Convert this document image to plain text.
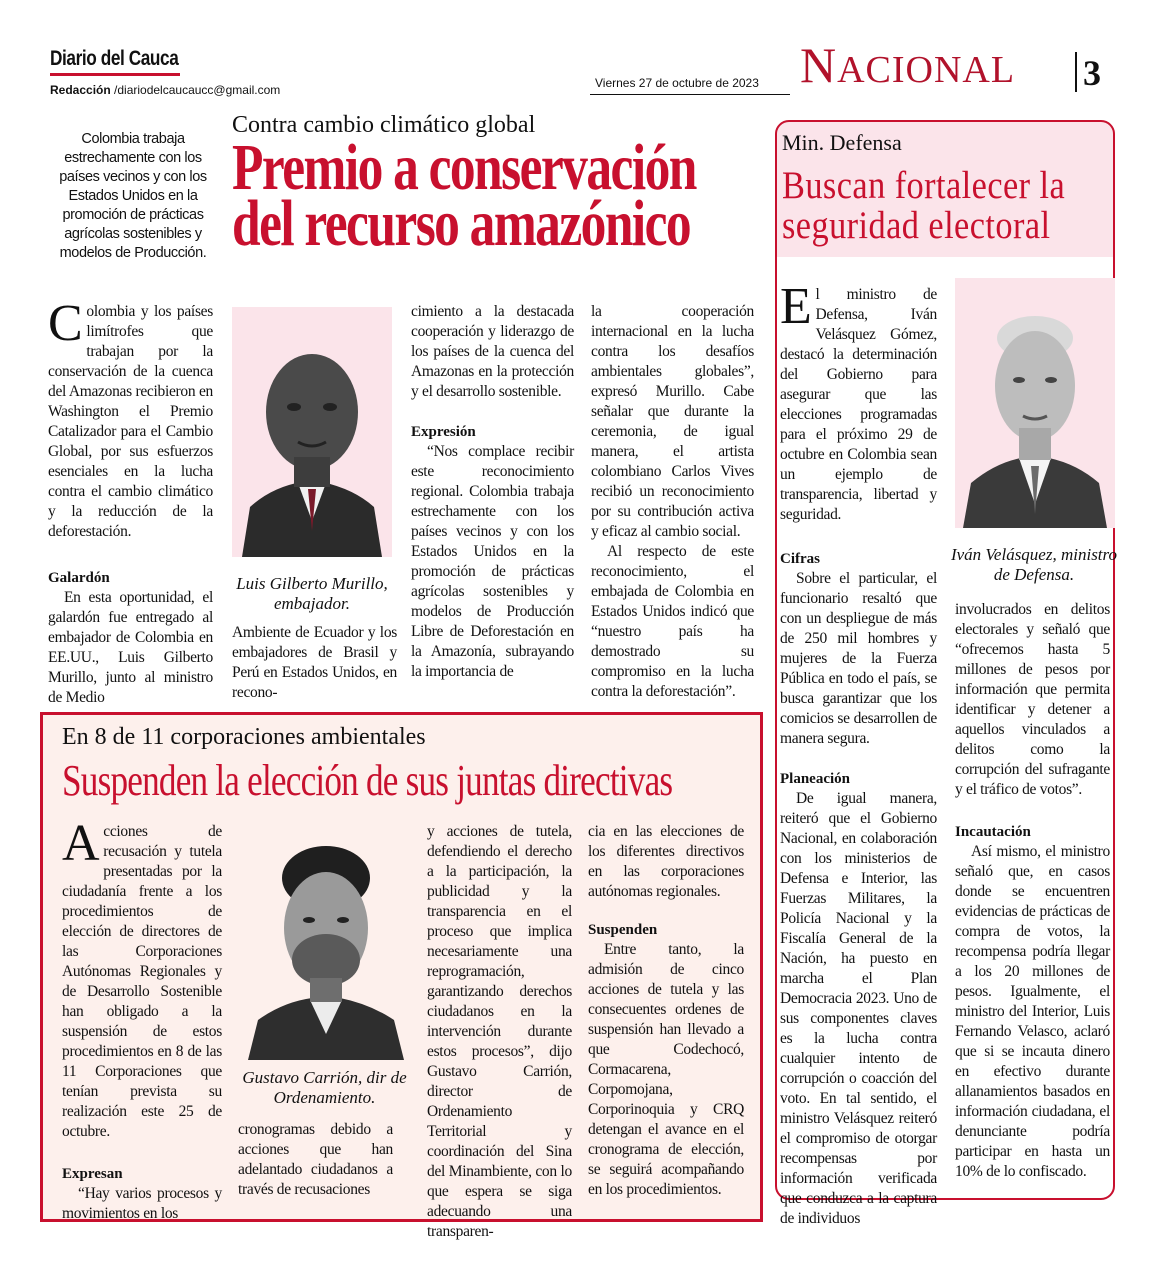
Diario del Cauca
Redacción /diariodelcaucaucc@gmail.com	Viernes 27 de octubre de 2023 NACIONAL 3
Contra cambio climático global
Premio a conservación del recurso amazónico
Colombia trabaja estrechamente con los países vecinos y con los Estados Unidos en la promoción de prácticas agrícolas sostenibles y modelos de Producción.
Colombia y los países limítrofes que trabajan por la conservación de la cuenca del Amazonas recibieron en Washington el Premio Catalizador para el Cambio Global, por sus esfuerzos esenciales en la lucha contra el cambio climático y la reducción de la deforestación.
Galardón
En esta oportunidad, el galardón fue entregado al embajador de Colombia en EE.UU., Luis Gilberto Murillo, junto al ministro de Medio
Luis Gilberto Murillo, embajador.
Ambiente de Ecuador y los embajadores de Brasil y Perú en Estados Unidos, en recono-
cimiento a la destacada cooperación y liderazgo de los países de la cuenca del Amazonas en la protección y el desarrollo sostenible.
Expresión
“Nos complace recibir este reconocimiento regional. Colombia trabaja estrechamente con los países vecinos y con los Estados Unidos en la promoción de prácticas agrícolas sostenibles y modelos de Producción Libre de Deforestación en la Amazonía, subrayando la importancia de
la cooperación internacional en la lucha contra los desafíos ambientales globales”, expresó Murillo. Cabe señalar que durante la ceremonia, de igual manera, el artista colombiano Carlos Vives recibió un reconocimiento por su contribución activa y eficaz al cambio social.
Al respecto de este reconocimiento, el embajada de Colombia en Estados Unidos indicó que “nuestro país ha demostrado su compromiso en la lucha contra la deforestación”.
Min. Defensa
Buscan fortalecer la seguridad electoral
El ministro de Defensa, Iván Velásquez Gómez, destacó la determinación del Gobierno para asegurar que las elecciones programadas para el próximo 29 de octubre en Colombia sean un ejemplo de transparencia, libertad y seguridad.
Cifras
Sobre el particular, el funcionario resaltó que con un despliegue de más de 250 mil hombres y mujeres de la Fuerza Pública en todo el país, se busca garantizar que los comicios se desarrollen de manera segura.
Planeación
De igual manera, reiteró que el Gobierno Nacional, en colaboración con los ministerios de Defensa e Interior, las Fuerzas Militares, la Policía Nacional y la Fiscalía General de la Nación, ha puesto en marcha el Plan Democracia 2023. Uno de sus componentes claves es la lucha contra cualquier intento de corrupción o coacción del voto. En tal sentido, el ministro Velásquez reiteró el compromiso de otorgar recompensas por información verificada que conduzca a la captura de individuos
Iván Velásquez, ministro de Defensa.
involucrados en delitos electorales y señaló que “ofrecemos hasta 5 millones de pesos por información que permita identificar y detener a aquellos vinculados a delitos como la corrupción del sufragante y el tráfico de votos”.
Incautación
Así mismo, el ministro señaló que, en casos donde se encuentren evidencias de prácticas de compra de votos, la recompensa podría llegar a los 20 millones de pesos. Igualmente, el ministro del Interior, Luis Fernando Velasco, aclaró que si se incauta dinero en efectivo durante allanamientos basados en información ciudadana, el denunciante podría participar en hasta un 10% de lo confiscado.
En 8 de 11 corporaciones ambientales
Suspenden la elección de sus juntas directivas
Acciones de recusación y tutela presentadas por la ciudadanía frente a los procedimientos de elección de directores de las Corporaciones Autónomas Regionales y de Desarrollo Sostenible han obligado a la suspensión de estos procedimientos en 8 de las 11 Corporaciones que tenían prevista su realización este 25 de octubre.
Expresan
“Hay varios procesos y movimientos en los
Gustavo Carrión, dir de Ordenamiento.
cronogramas debido a acciones que han adelantado ciudadanos a través de recusaciones
y acciones de tutela, defendiendo el derecho a la participación, la publicidad y la transparencia en el proceso que implica necesariamente una reprogramación, garantizando derechos ciudadanos en la intervención durante estos procesos”, dijo Gustavo Carrión, director de Ordenamiento Territorial y coordinación del Sina del Minambiente, con lo que espera se siga adecuando una transparen-
cia en las elecciones de los diferentes directivos en las corporaciones autónomas regionales.
Suspenden
Entre tanto, la admisión de cinco acciones de tutela y las consecuentes ordenes de suspensión han llevado a que Codechocó, Cormacarena, Corpomojana, Corporinoquia y CRQ detengan el avance en el cronograma de elección, se seguirá acompañando en los procedimientos.
